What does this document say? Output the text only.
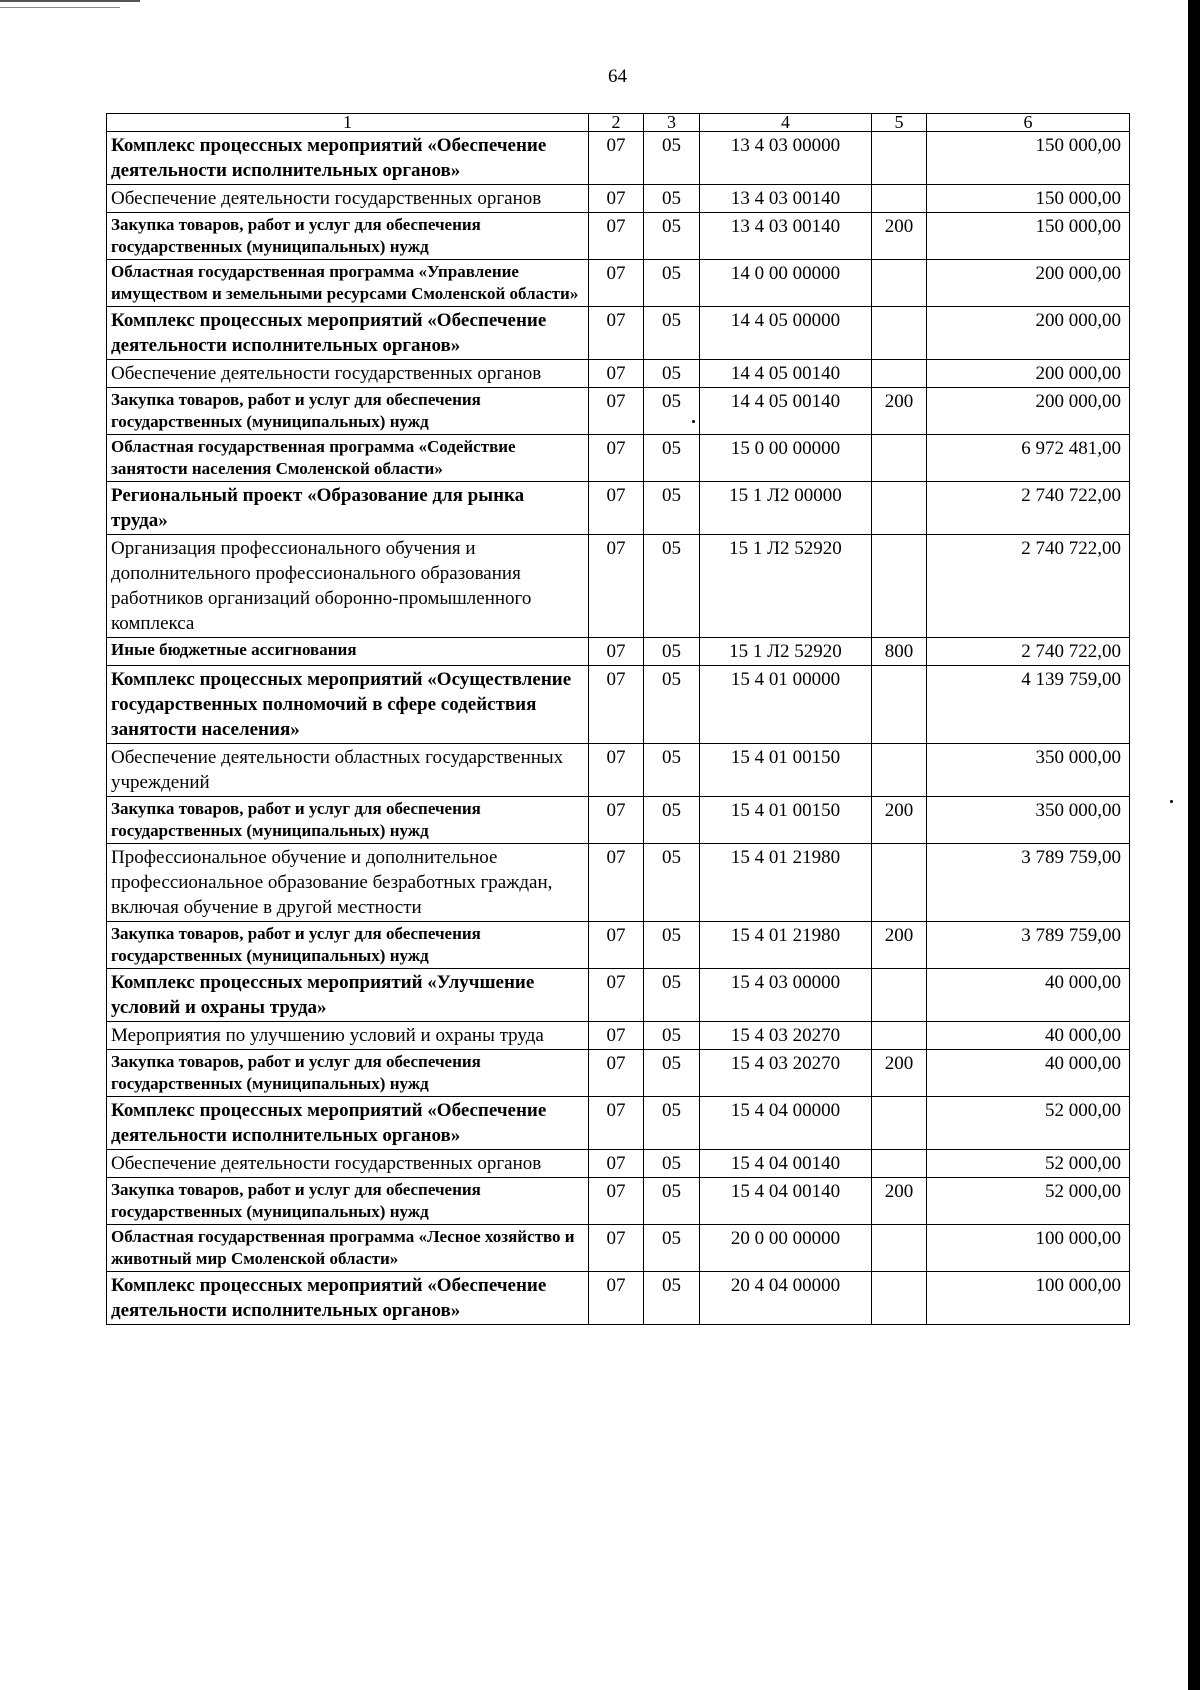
64
1	2	3	4	5	6
Комплекс процессных мероприятий «Обеспечение деятельности исполнительных органов»	07	05	13 4 03 00000		150 000,00
Обеспечение деятельности государственных органов	07	05	13 4 03 00140		150 000,00
Закупка товаров, работ и услуг для обеспечения государственных (муниципальных) нужд	07	05	13 4 03 00140	200	150 000,00
Областная государственная программа «Управление имуществом и земельными ресурсами Смоленской области»	07	05	14 0 00 00000		200 000,00
Комплекс процессных мероприятий «Обеспечение деятельности исполнительных органов»	07	05	14 4 05 00000		200 000,00
Обеспечение деятельности государственных органов	07	05	14 4 05 00140		200 000,00
Закупка товаров, работ и услуг для обеспечения государственных (муниципальных) нужд	07	05	14 4 05 00140	200	200 000,00
Областная государственная программа «Содействие занятости населения Смоленской области»	07	05	15 0 00 00000		6 972 481,00
Региональный проект «Образование для рынка труда»	07	05	15 1 Л2 00000		2 740 722,00
Организация профессионального обучения и дополнительного профессионального образования работников организаций оборонно-промышленного комплекса	07	05	15 1 Л2 52920		2 740 722,00
Иные бюджетные ассигнования	07	05	15 1 Л2 52920	800	2 740 722,00
Комплекс процессных мероприятий «Осуществление государственных полномочий в сфере содействия занятости населения»	07	05	15 4 01 00000		4 139 759,00
Обеспечение деятельности областных государственных учреждений	07	05	15 4 01 00150		350 000,00
Закупка товаров, работ и услуг для обеспечения государственных (муниципальных) нужд	07	05	15 4 01 00150	200	350 000,00
Профессиональное обучение и дополнительное профессиональное образование безработных граждан, включая обучение в другой местности	07	05	15 4 01 21980		3 789 759,00
Закупка товаров, работ и услуг для обеспечения государственных (муниципальных) нужд	07	05	15 4 01 21980	200	3 789 759,00
Комплекс процессных мероприятий «Улучшение условий и охраны труда»	07	05	15 4 03 00000		40 000,00
Мероприятия по улучшению условий и охраны труда	07	05	15 4 03 20270		40 000,00
Закупка товаров, работ и услуг для обеспечения государственных (муниципальных) нужд	07	05	15 4 03 20270	200	40 000,00
Комплекс процессных мероприятий «Обеспечение деятельности исполнительных органов»	07	05	15 4 04 00000		52 000,00
Обеспечение деятельности государственных органов	07	05	15 4 04 00140		52 000,00
Закупка товаров, работ и услуг для обеспечения государственных (муниципальных) нужд	07	05	15 4 04 00140	200	52 000,00
Областная государственная программа «Лесное хозяйство и животный мир Смоленской области»	07	05	20 0 00 00000		100 000,00
Комплекс процессных мероприятий «Обеспечение деятельности исполнительных органов»	07	05	20 4 04 00000		100 000,00
